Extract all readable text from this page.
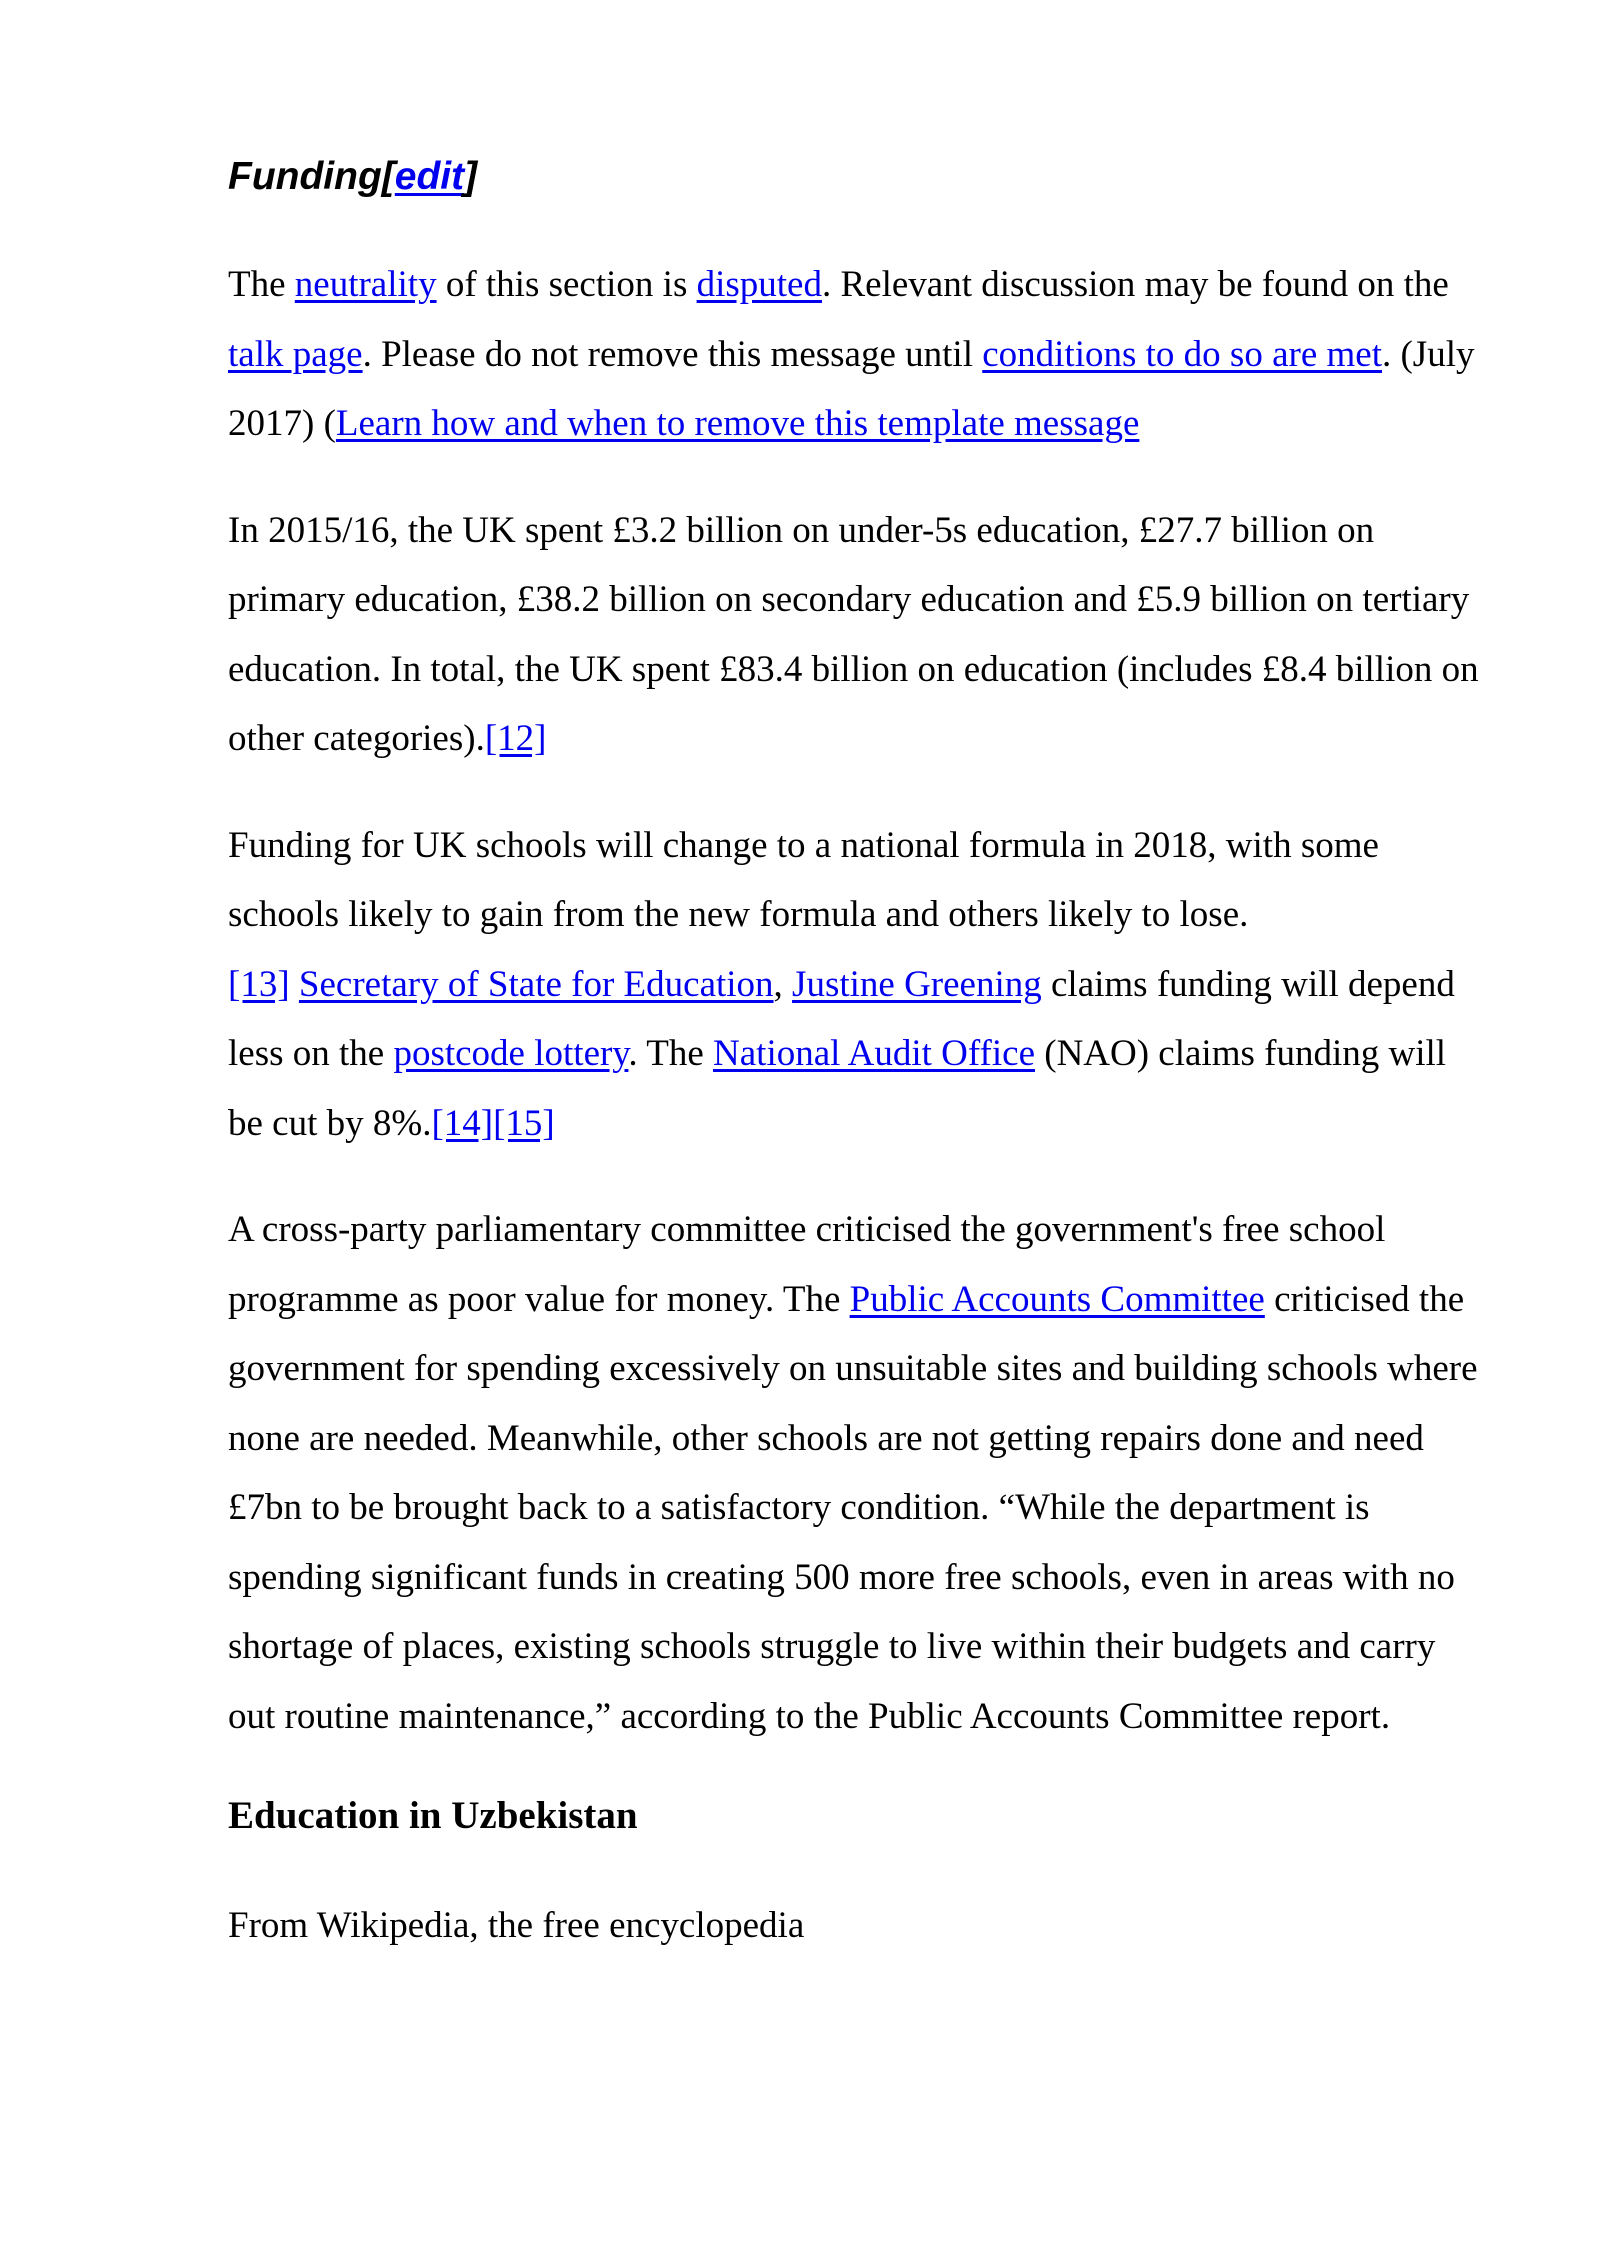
Funding[edit]

The neutrality of this section is disputed. Relevant discussion may be found on the talk page. Please do not remove this message until conditions to do so are met. (July 2017) (Learn how and when to remove this template message

In 2015/16, the UK spent £3.2 billion on under-5s education, £27.7 billion on primary education, £38.2 billion on secondary education and £5.9 billion on tertiary education. In total, the UK spent £83.4 billion on education (includes £8.4 billion on other categories).[12]

Funding for UK schools will change to a national formula in 2018, with some schools likely to gain from the new formula and others likely to lose.
[13] Secretary of State for Education, Justine Greening claims funding will depend less on the postcode lottery. The National Audit Office (NAO) claims funding will be cut by 8%.[14][15]

A cross-party parliamentary committee criticised the government's free school programme as poor value for money. The Public Accounts Committee criticised the government for spending excessively on unsuitable sites and building schools where none are needed. Meanwhile, other schools are not getting repairs done and need £7bn to be brought back to a satisfactory condition. “While the department is spending significant funds in creating 500 more free schools, even in areas with no shortage of places, existing schools struggle to live within their budgets and carry out routine maintenance,” according to the Public Accounts Committee report.

Education in Uzbekistan

From Wikipedia, the free encyclopedia
